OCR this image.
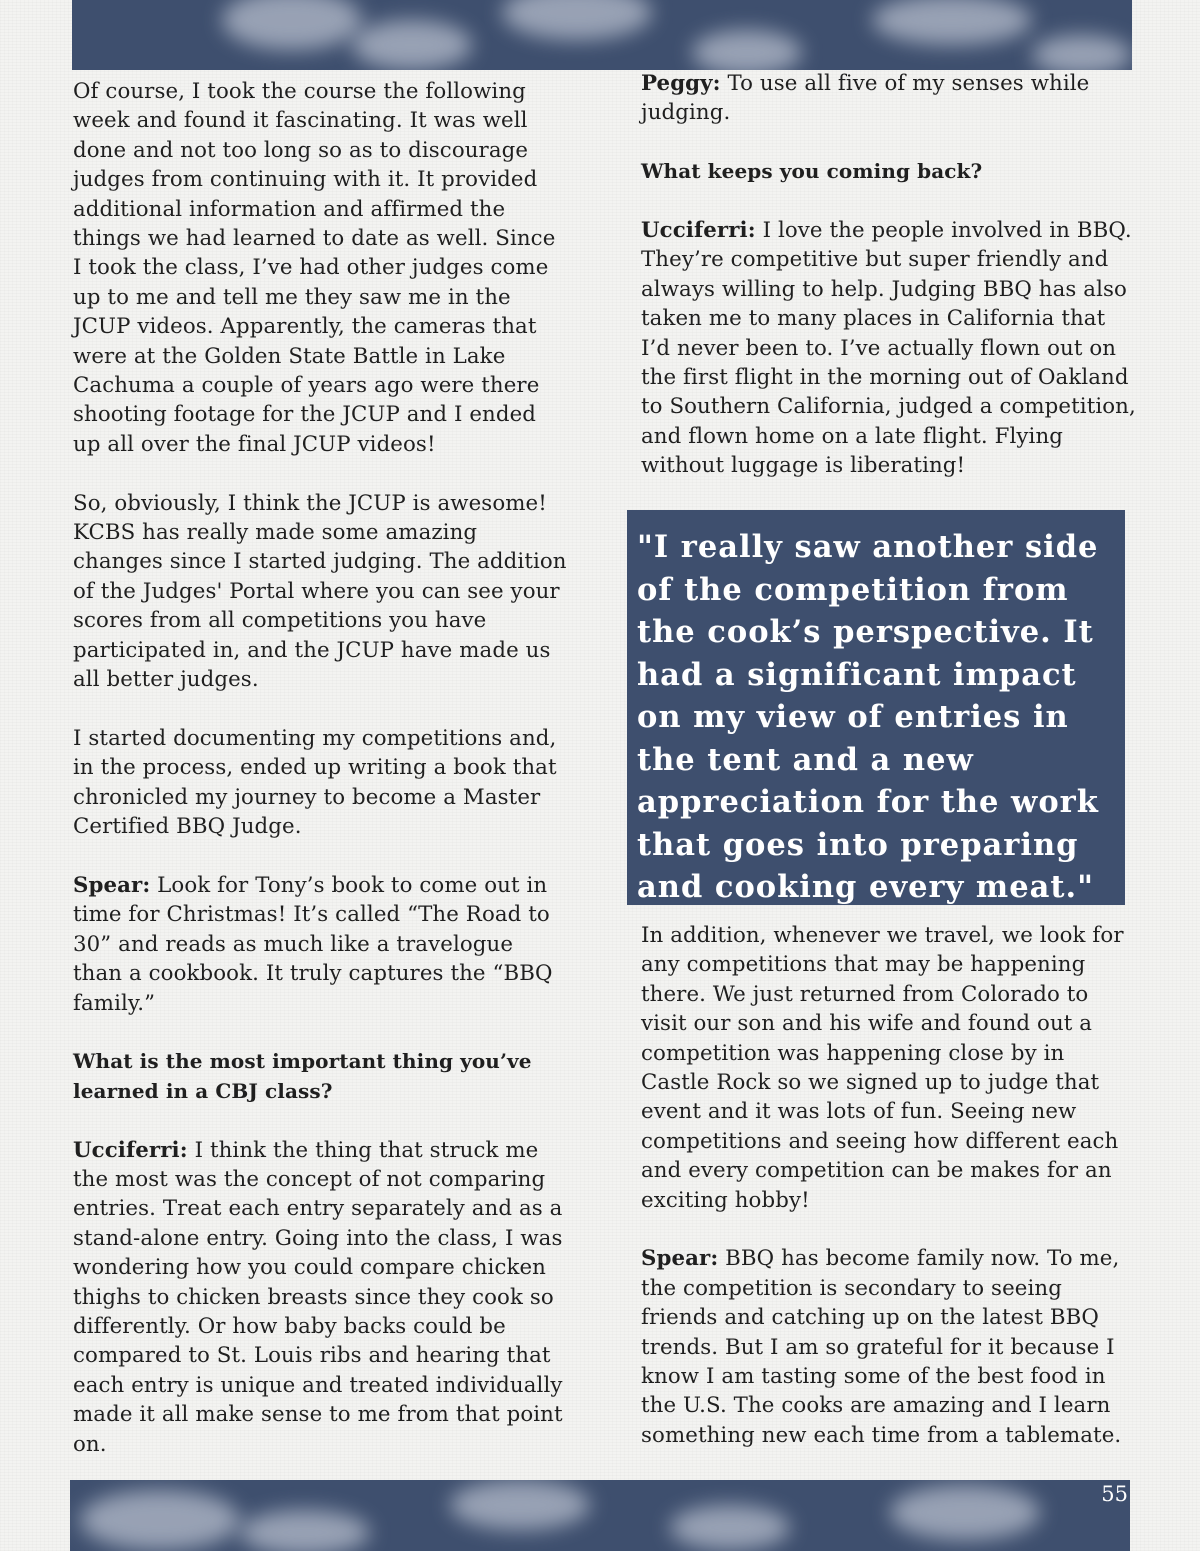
Of course, I took the course the following week and found it fascinating. It was well done and not too long so as to discourage judges from continuing with it. It provided additional information and affirmed the things we had learned to date as well. Since I took the class, I’ve had other judges come up to me and tell me they saw me in the JCUP videos. Apparently, the cameras that were at the Golden State Battle in Lake Cachuma a couple of years ago were there shooting footage for the JCUP and I ended up all over the final JCUP videos!

So, obviously, I think the JCUP is awesome! KCBS has really made some amazing changes since I started judging. The addition of the Judges' Portal where you can see your scores from all competitions you have participated in, and the JCUP have made us all better judges.

I started documenting my competitions and, in the process, ended up writing a book that chronicled my journey to become a Master Certified BBQ Judge.

Spear: Look for Tony’s book to come out in time for Christmas! It’s called “The Road to 30” and reads as much like a travelogue than a cookbook. It truly captures the “BBQ family.”

What is the most important thing you’ve learned in a CBJ class?

Ucciferri: I think the thing that struck me the most was the concept of not comparing entries. Treat each entry separately and as a stand-alone entry. Going into the class, I was wondering how you could compare chicken thighs to chicken breasts since they cook so differently. Or how baby backs could be compared to St. Louis ribs and hearing that each entry is unique and treated individually made it all make sense to me from that point on.

Peggy: To use all five of my senses while judging.

What keeps you coming back?

Ucciferri: I love the people involved in BBQ. They’re competitive but super friendly and always willing to help. Judging BBQ has also taken me to many places in California that I’d never been to. I’ve actually flown out on the first flight in the morning out of Oakland to Southern California, judged a competition, and flown home on a late flight. Flying without luggage is liberating!

"I really saw another side of the competition from the cook’s perspective. It had a significant impact on my view of entries in the tent and a new appreciation for the work that goes into preparing and cooking every meat."

In addition, whenever we travel, we look for any competitions that may be happening there. We just returned from Colorado to visit our son and his wife and found out a competition was happening close by in Castle Rock so we signed up to judge that event and it was lots of fun. Seeing new competitions and seeing how different each and every competition can be makes for an exciting hobby!

Spear: BBQ has become family now. To me, the competition is secondary to seeing friends and catching up on the latest BBQ trends. But I am so grateful for it because I know I am tasting some of the best food in the U.S. The cooks are amazing and I learn something new each time from a tablemate.

55
